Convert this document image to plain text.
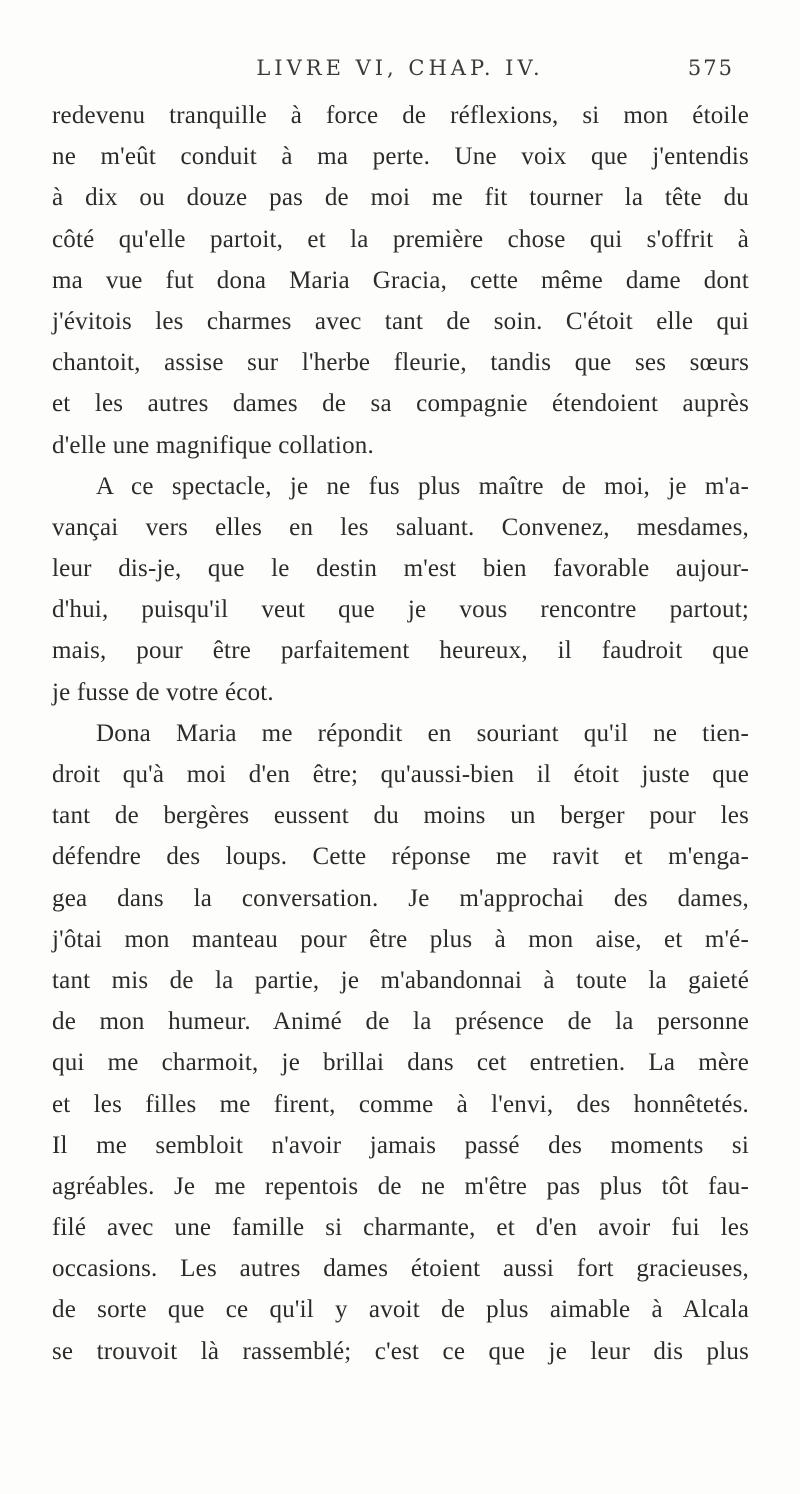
LIVRE VI, CHAP. IV.	575
redevenu tranquille à force de réflexions, si mon étoile
ne m'eût conduit à ma perte. Une voix que j'entendis
à dix ou douze pas de moi me fit tourner la tête du
côté qu'elle partoit, et la première chose qui s'offrit à
ma vue fut dona Maria Gracia, cette même dame dont
j'évitois les charmes avec tant de soin. C'étoit elle qui
chantoit, assise sur l'herbe fleurie, tandis que ses sœurs
et les autres dames de sa compagnie étendoient auprès
d'elle une magnifique collation.
A ce spectacle, je ne fus plus maître de moi, je m'a-
vançai vers elles en les saluant. Convenez, mesdames,
leur dis-je, que le destin m'est bien favorable aujour-
d'hui, puisqu'il veut que je vous rencontre partout;
mais, pour être parfaitement heureux, il faudroit que
je fusse de votre écot.
Dona Maria me répondit en souriant qu'il ne tien-
droit qu'à moi d'en être; qu'aussi-bien il étoit juste que
tant de bergères eussent du moins un berger pour les
défendre des loups. Cette réponse me ravit et m'enga-
gea dans la conversation. Je m'approchai des dames,
j'ôtai mon manteau pour être plus à mon aise, et m'é-
tant mis de la partie, je m'abandonnai à toute la gaieté
de mon humeur. Animé de la présence de la personne
qui me charmoit, je brillai dans cet entretien. La mère
et les filles me firent, comme à l'envi, des honnêtetés.
Il me sembloit n'avoir jamais passé des moments si
agréables. Je me repentois de ne m'être pas plus tôt fau-
filé avec une famille si charmante, et d'en avoir fui les
occasions. Les autres dames étoient aussi fort gracieuses,
de sorte que ce qu'il y avoit de plus aimable à Alcala
se trouvoit là rassemblé; c'est ce que je leur dis plus
